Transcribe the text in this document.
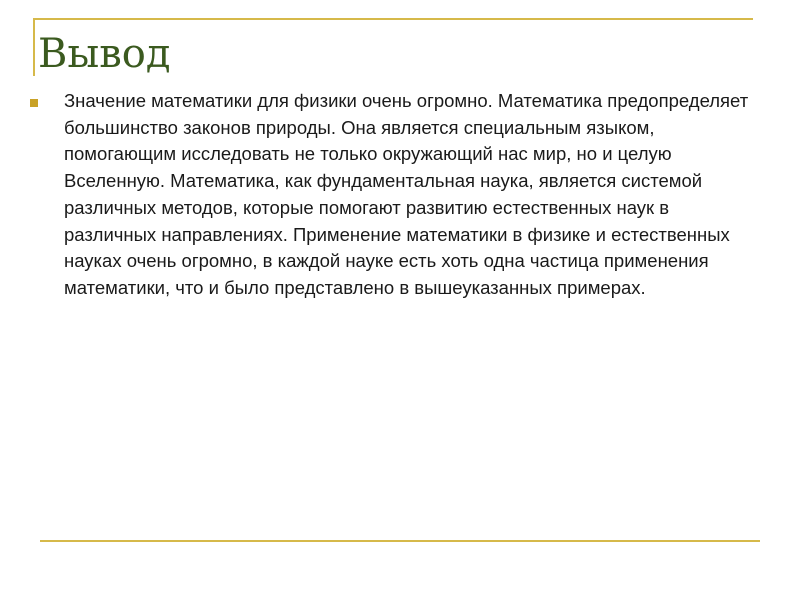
Вывод
Значение математики для физики очень огромно. Математика предопределяет большинство законов природы. Она является специальным языком, помогающим исследовать не только окружающий нас мир, но и целую Вселенную. Математика, как фундаментальная наука, является системой различных методов, которые помогают развитию естественных наук в различных направлениях. Применение математики в физике и естественных науках очень огромно, в каждой науке есть хоть одна частица применения математики, что и было представлено в вышеуказанных примерах.
